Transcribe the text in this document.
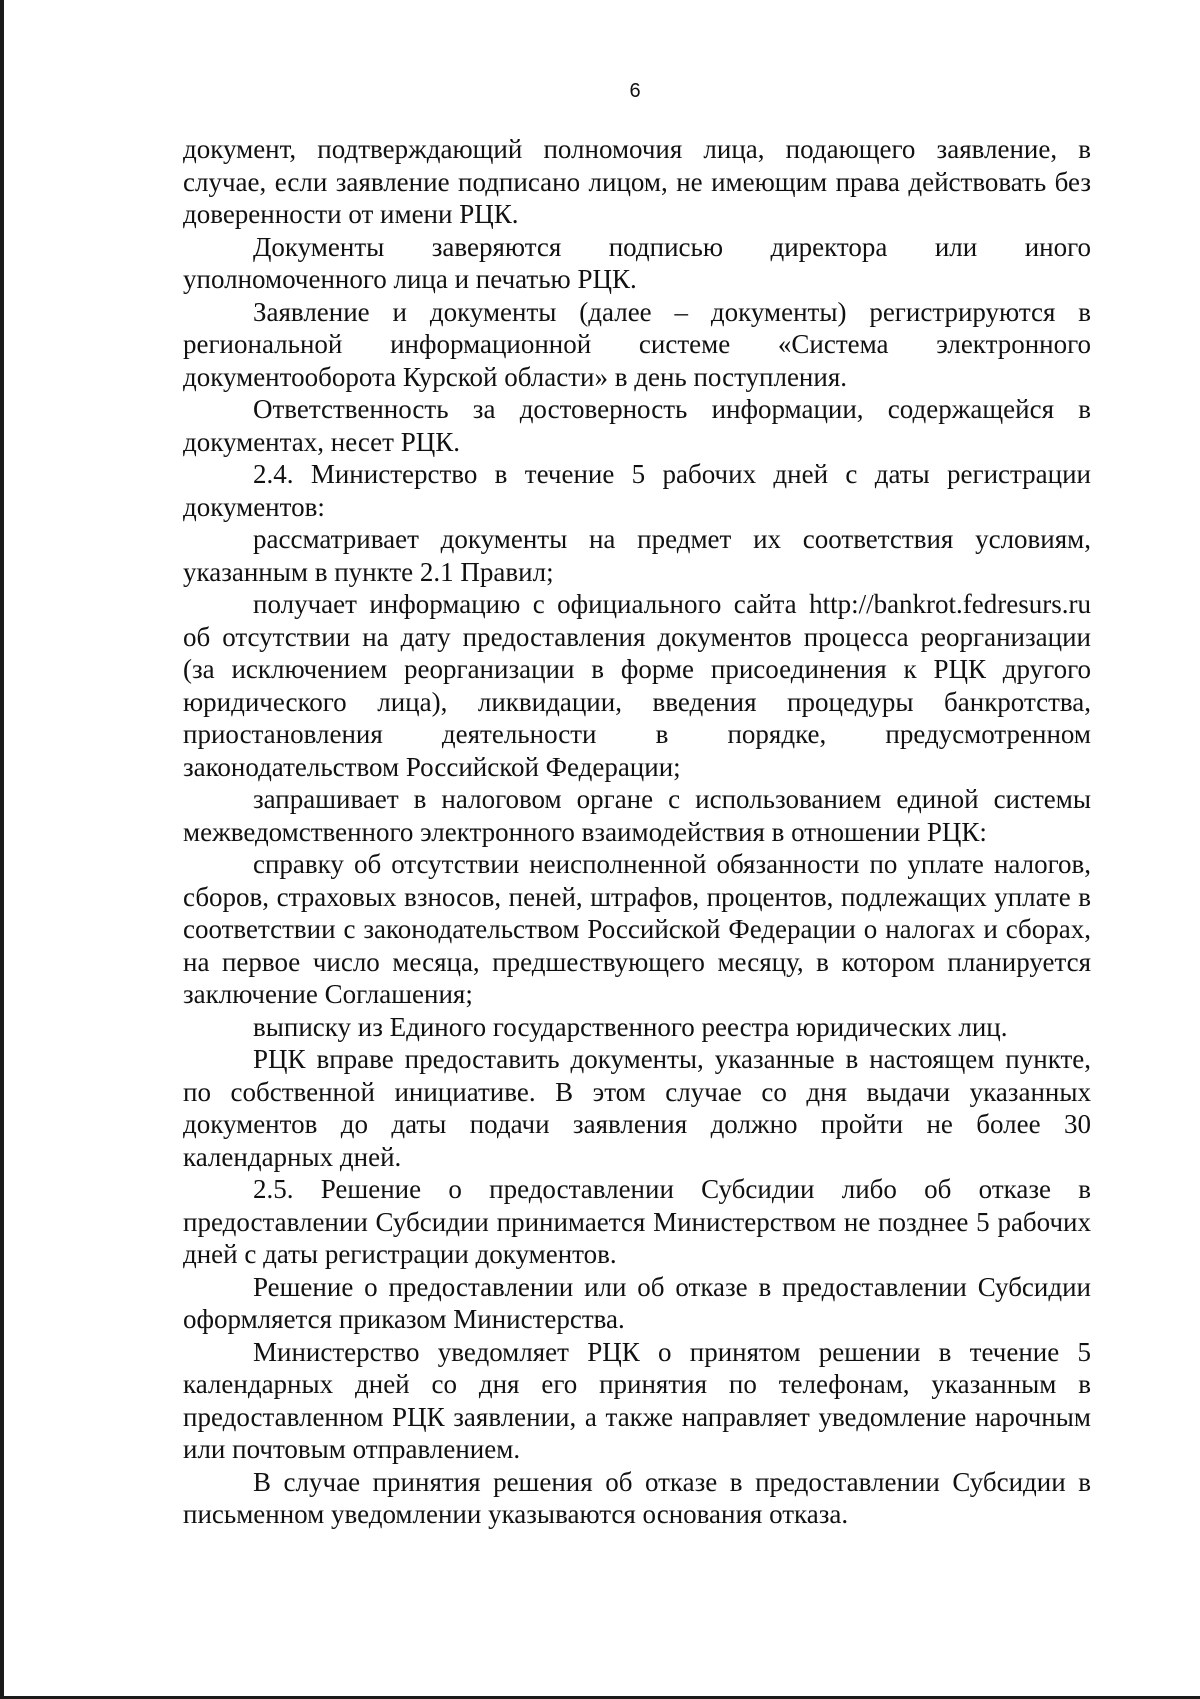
6

документ, подтверждающий полномочия лица, подающего заявление, в случае, если заявление подписано лицом, не имеющим права действовать без доверенности от имени РЦК.

Документы заверяются подписью директора или иного уполномоченного лица и печатью РЦК.

Заявление и документы (далее – документы) регистрируются в региональной информационной системе «Система электронного документооборота Курской области» в день поступления.

Ответственность за достоверность информации, содержащейся в документах, несет РЦК.

2.4. Министерство в течение 5 рабочих дней с даты регистрации документов:

рассматривает документы на предмет их соответствия условиям, указанным в пункте 2.1 Правил;

получает информацию с официального сайта http://bankrot.fedresurs.ru об отсутствии на дату предоставления документов процесса реорганизации (за исключением реорганизации в форме присоединения к РЦК другого юридического лица), ликвидации, введения процедуры банкротства, приостановления деятельности в порядке, предусмотренном законодательством Российской Федерации;

запрашивает в налоговом органе с использованием единой системы межведомственного электронного взаимодействия в отношении РЦК:

справку об отсутствии неисполненной обязанности по уплате налогов, сборов, страховых взносов, пеней, штрафов, процентов, подлежащих уплате в соответствии с законодательством Российской Федерации о налогах и сборах, на первое число месяца, предшествующего месяцу, в котором планируется заключение Соглашения;

выписку из Единого государственного реестра юридических лиц.

РЦК вправе предоставить документы, указанные в настоящем пункте, по собственной инициативе. В этом случае со дня выдачи указанных документов до даты подачи заявления должно пройти не более 30 календарных дней.

2.5. Решение о предоставлении Субсидии либо об отказе в предоставлении Субсидии принимается Министерством не позднее 5 рабочих дней с даты регистрации документов.

Решение о предоставлении или об отказе в предоставлении Субсидии оформляется приказом Министерства.

Министерство уведомляет РЦК о принятом решении в течение 5 календарных дней со дня его принятия по телефонам, указанным в предоставленном РЦК заявлении, а также направляет уведомление нарочным или почтовым отправлением.

В случае принятия решения об отказе в предоставлении Субсидии в письменном уведомлении указываются основания отказа.
